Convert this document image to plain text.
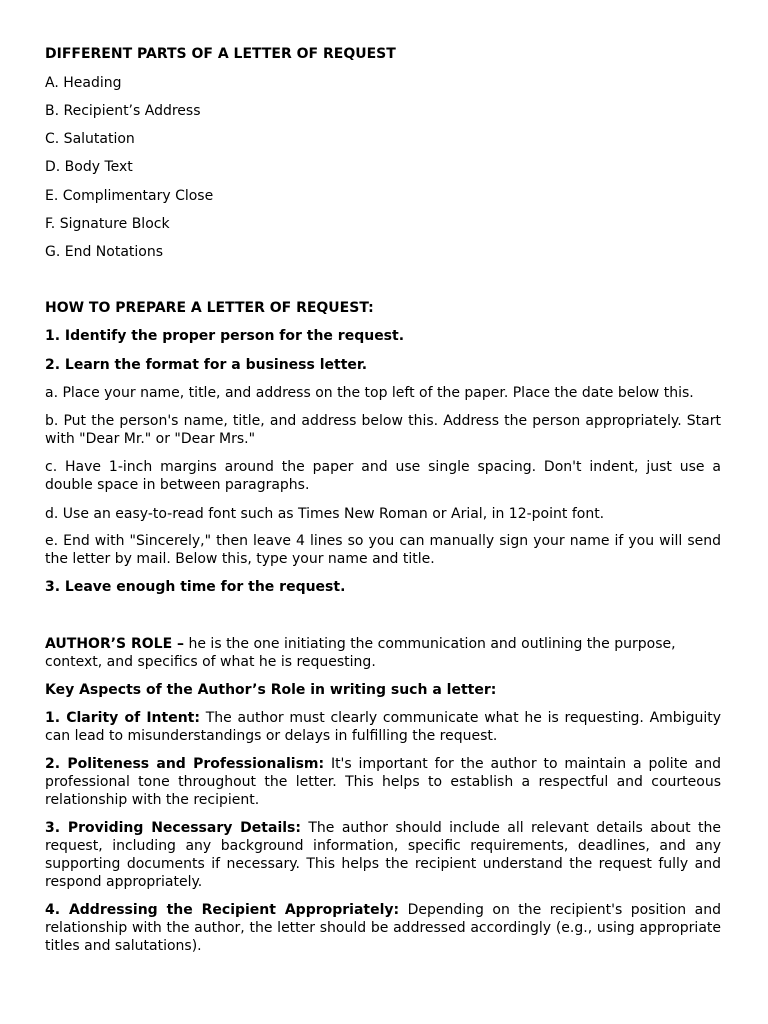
DIFFERENT PARTS OF A LETTER OF REQUEST

A. Heading

B. Recipient’s Address

C. Salutation

D. Body Text

E. Complimentary Close

F. Signature Block

G. End Notations

HOW TO PREPARE A LETTER OF REQUEST:

1. Identify the proper person for the request.

2. Learn the format for a business letter.

a. Place your name, title, and address on the top left of the paper. Place the date below this.

b. Put the person's name, title, and address below this. Address the person appropriately. Start with "Dear Mr." or "Dear Mrs."

c. Have 1-inch margins around the paper and use single spacing. Don't indent, just use a double space in between paragraphs.

d. Use an easy-to-read font such as Times New Roman or Arial, in 12-point font.

e. End with "Sincerely," then leave 4 lines so you can manually sign your name if you will send the letter by mail. Below this, type your name and title.

3. Leave enough time for the request.

AUTHOR’S ROLE – he is the one initiating the communication and outlining the purpose, context, and specifics of what he is requesting.

Key Aspects of the Author’s Role in writing such a letter:

1. Clarity of Intent: The author must clearly communicate what he is requesting. Ambiguity can lead to misunderstandings or delays in fulfilling the request.

2. Politeness and Professionalism: It's important for the author to maintain a polite and professional tone throughout the letter. This helps to establish a respectful and courteous relationship with the recipient.

3. Providing Necessary Details: The author should include all relevant details about the request, including any background information, specific requirements, deadlines, and any supporting documents if necessary. This helps the recipient understand the request fully and respond appropriately.

4. Addressing the Recipient Appropriately: Depending on the recipient's position and relationship with the author, the letter should be addressed accordingly (e.g., using appropriate titles and salutations).
